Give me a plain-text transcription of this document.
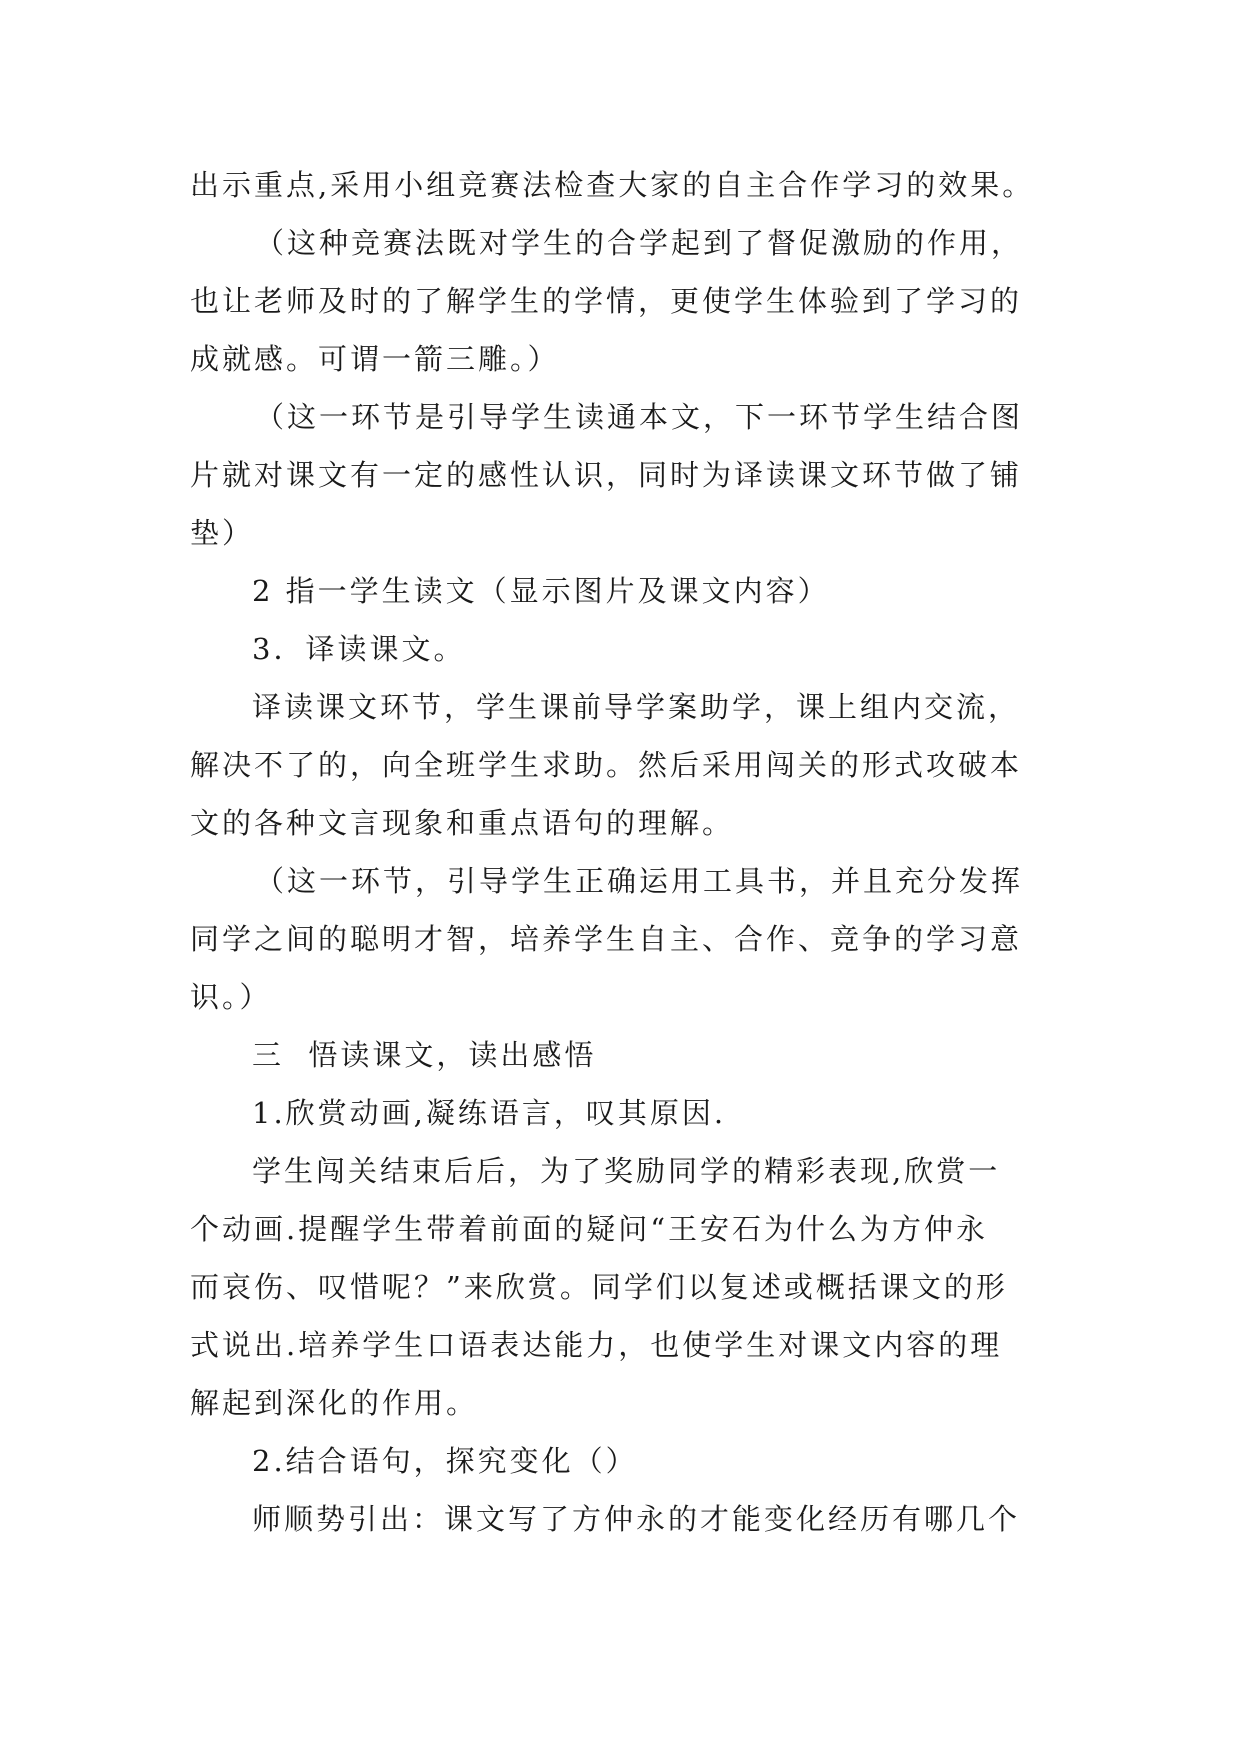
出示重点,采用小组竞赛法检查大家的自主合作学习的效果。
（这种竞赛法既对学生的合学起到了督促激励的作用，
也让老师及时的了解学生的学情，更使学生体验到了学习的
成就感。可谓一箭三雕。）
（这一环节是引导学生读通本文，下一环节学生结合图
片就对课文有一定的感性认识，同时为译读课文环节做了铺
垫）
2 指一学生读文（显示图片及课文内容）
3．译读课文。
译读课文环节，学生课前导学案助学，课上组内交流，
解决不了的，向全班学生求助。然后采用闯关的形式攻破本
文的各种文言现象和重点语句的理解。
（这一环节，引导学生正确运用工具书，并且充分发挥
同学之间的聪明才智，培养学生自主、合作、竞争的学习意
识。）
三  悟读课文，读出感悟
1.欣赏动画,凝练语言，叹其原因.
学生闯关结束后后，为了奖励同学的精彩表现,欣赏一
个动画.提醒学生带着前面的疑问“王安石为什么为方仲永
而哀伤、叹惜呢？”来欣赏。同学们以复述或概括课文的形
式说出.培养学生口语表达能力，也使学生对课文内容的理
解起到深化的作用。
2.结合语句，探究变化（）
师顺势引出：课文写了方仲永的才能变化经历有哪几个
